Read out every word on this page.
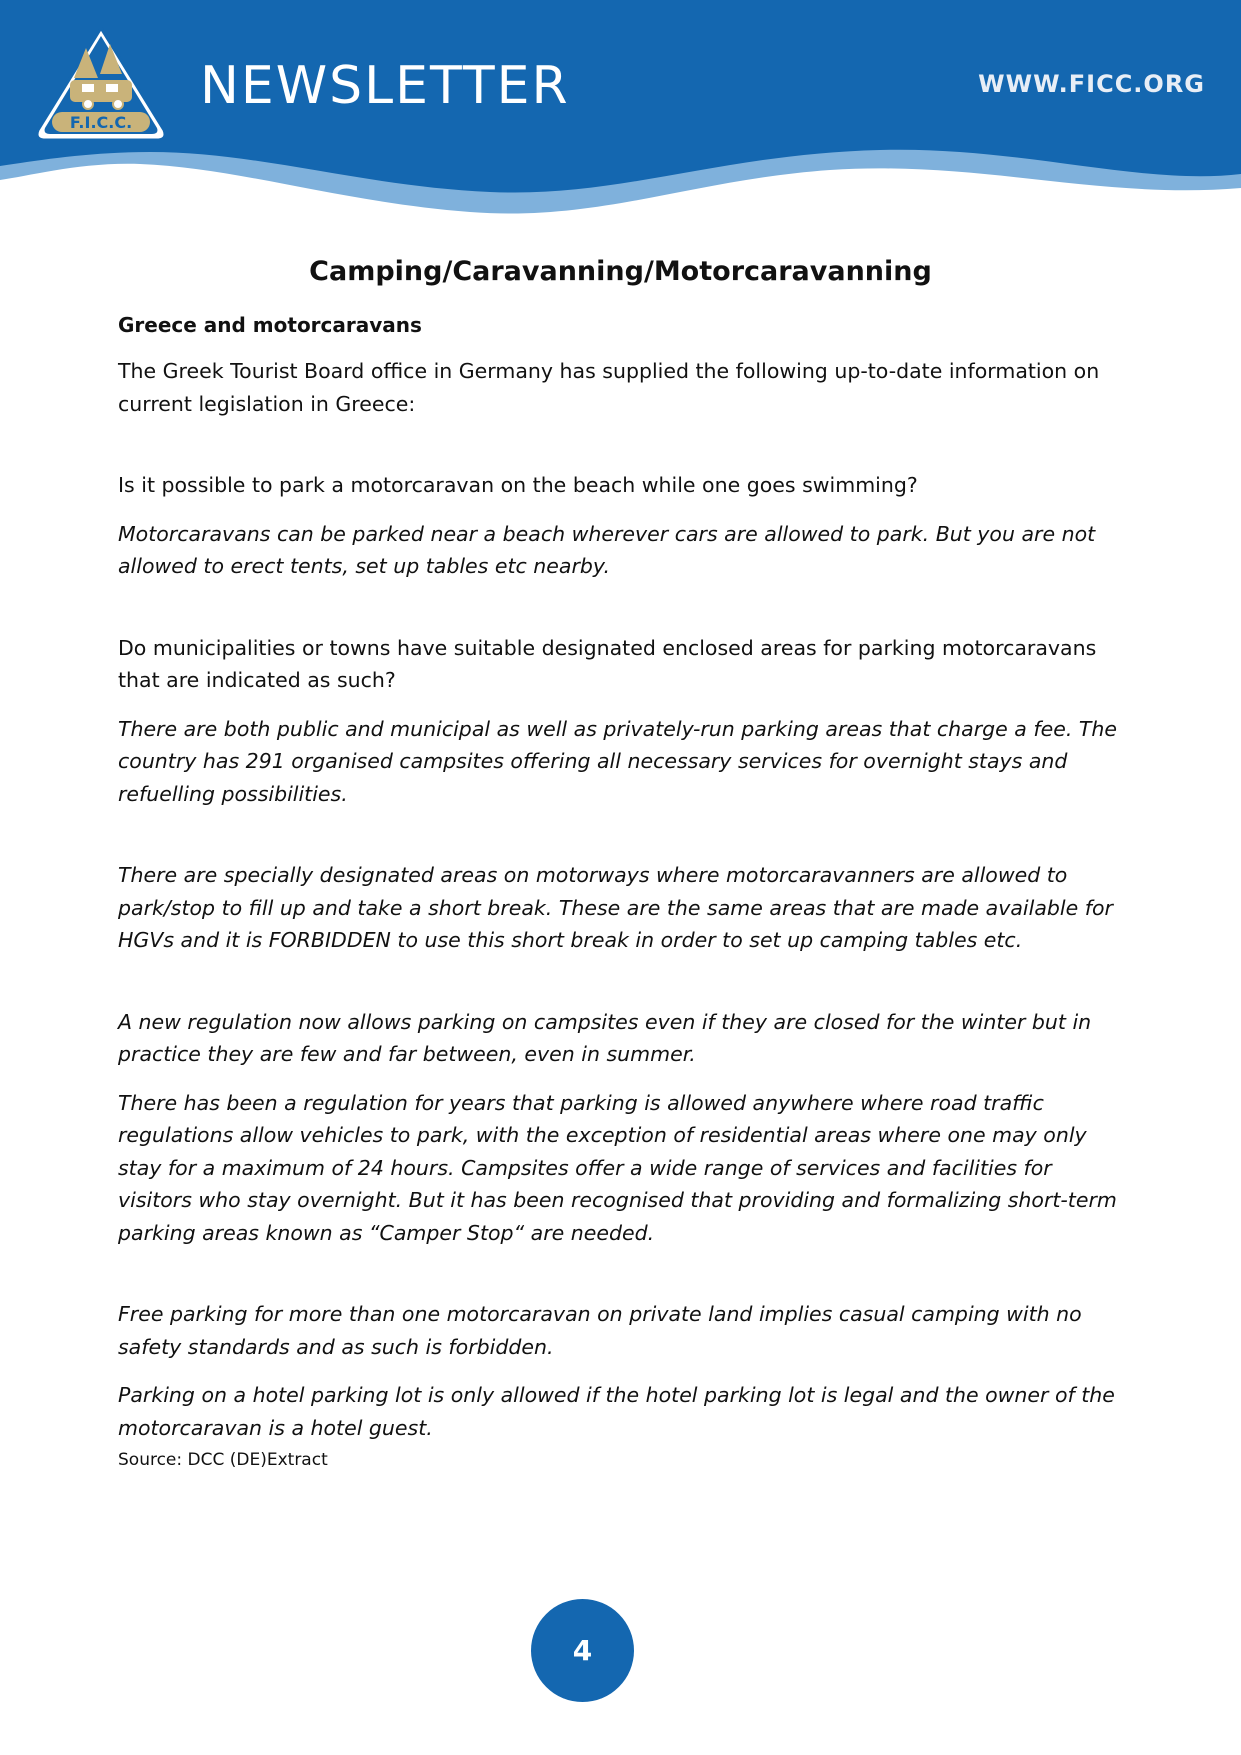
F.I.C.C.
NEWSLETTER	WWW.FICC.ORG
Camping/Caravanning/Motorcaravanning
Greece and motorcaravans

The Greek Tourist Board office in Germany has supplied the following up-to-date information on current legislation in Greece:

Is it possible to park a motorcaravan on the beach while one goes swimming?

Motorcaravans can be parked near a beach wherever cars are allowed to park. But you are not allowed to erect tents, set up tables etc nearby.

Do municipalities or towns have suitable designated enclosed areas for parking motorcaravans that are indicated as such?

There are both public and municipal as well as privately-run parking areas that charge a fee. The country has 291 organised campsites offering all necessary services for overnight stays and refuelling possibilities.

There are specially designated areas on motorways where motorcaravanners are allowed to park/stop to fill up and take a short break. These are the same areas that are made available for HGVs and it is FORBIDDEN to use this short break in order to set up camping tables etc.

A new regulation now allows parking on campsites even if they are closed for the winter but in practice they are few and far between, even in summer.

There has been a regulation for years that parking is allowed anywhere where road traffic regulations allow vehicles to park, with the exception of residential areas where one may only stay for a maximum of 24 hours. Campsites offer a wide range of services and facilities for visitors who stay overnight. But it has been recognised that providing and formalizing short-term parking areas known as “Camper Stop“ are needed.

Free parking for more than one motorcaravan on private land implies casual camping with no safety standards and as such is forbidden.

Parking on a hotel parking lot is only allowed if the hotel parking lot is legal and the owner of the motorcaravan is a hotel guest.

Source: DCC (DE)Extract
4
